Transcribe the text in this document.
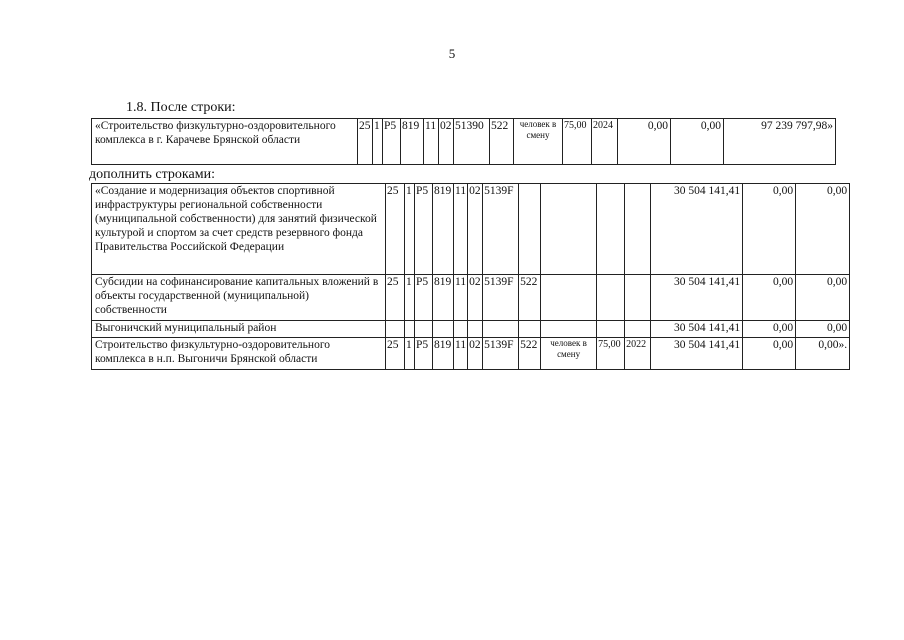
5
1.8. После строки:
«Строительство физкультурно-оздоровительного комплекса в г. Карачеве Брянской области	25	1	Р5	819	11	02	51390	522	человек в смену	75,00	2024	0,00	0,00	97 239 797,98»
дополнить строками:
«Создание и модернизация объектов спортивной инфраструктуры региональной собственности (муниципальной собственности) для занятий физической культурой и спортом за счет средств резервного фонда Правительства Российской Федерации	25	1	Р5	819	11	02	5139F					30 504 141,41	0,00	0,00
Субсидии на софинансирование капитальных вложений в объекты государственной (муниципальной) собственности	25	1	Р5	819	11	02	5139F	522				30 504 141,41	0,00	0,00
Выгоничский муниципальный район												30 504 141,41	0,00	0,00
Строительство физкультурно-оздоровительного комплекса в н.п. Выгоничи Брянской области	25	1	Р5	819	11	02	5139F	522	человек в смену	75,00	2022	30 504 141,41	0,00	0,00».
